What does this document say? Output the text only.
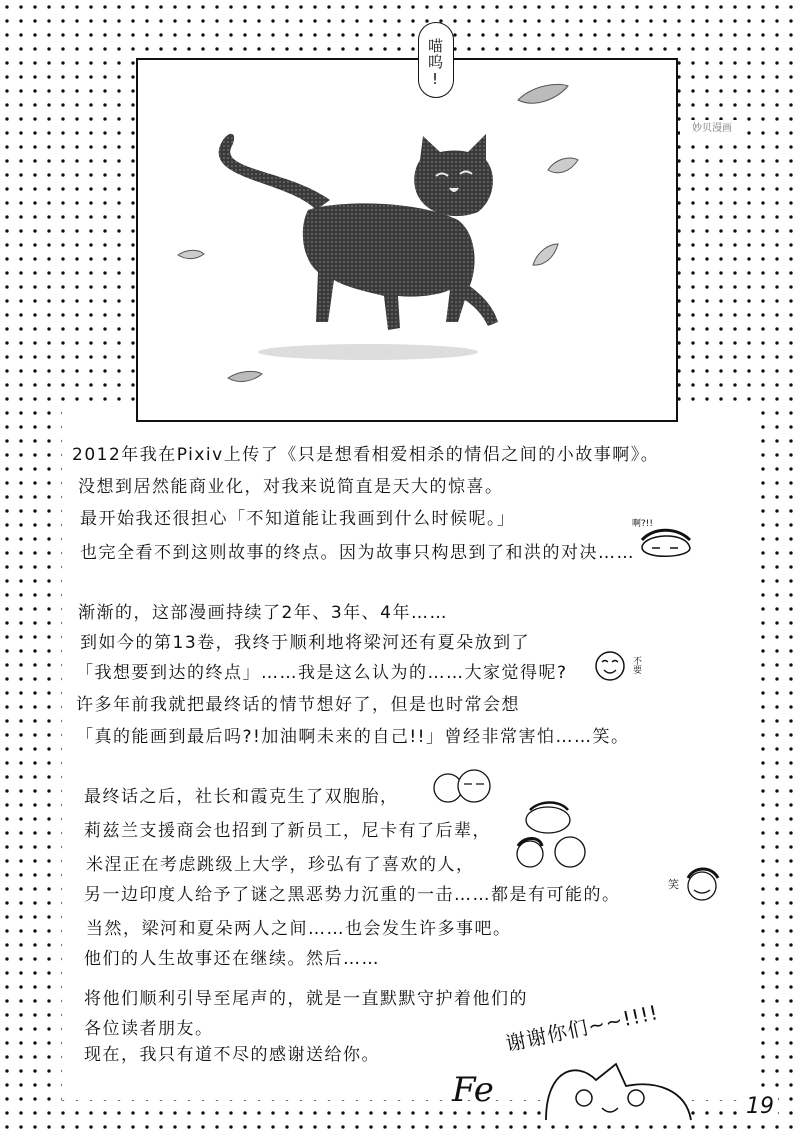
喵呜!
妙贝漫画
2012年我在Pixiv上传了《只是想看相爱相杀的情侣之间的小故事啊》。
没想到居然能商业化，对我来说简直是天大的惊喜。
最开始我还很担心「不知道能让我画到什么时候呢。」
也完全看不到这则故事的终点。因为故事只构思到了和洪的对决……
渐渐的，这部漫画持续了2年、3年、4年……
到如今的第13卷，我终于顺利地将梁河还有夏朵放到了
「我想要到达的终点」……我是这么认为的……大家觉得呢?
许多年前我就把最终话的情节想好了，但是也时常会想
「真的能画到最后吗?!加油啊未来的自己!!」曾经非常害怕……笑。
最终话之后，社长和霞克生了双胞胎，
莉兹兰支援商会也招到了新员工，尼卡有了后辈，
米涅正在考虑跳级上大学，珍弘有了喜欢的人，
另一边印度人给予了谜之黑恶势力沉重的一击……都是有可能的。
当然，梁河和夏朵两人之间……也会发生许多事吧。
他们的人生故事还在继续。然后……
将他们顺利引导至尾声的，就是一直默默守护着他们的
各位读者朋友。
现在，我只有道不尽的感谢送给你。
啊?!!
不要
笑
谢谢你们~~!!!!
Fe	19
